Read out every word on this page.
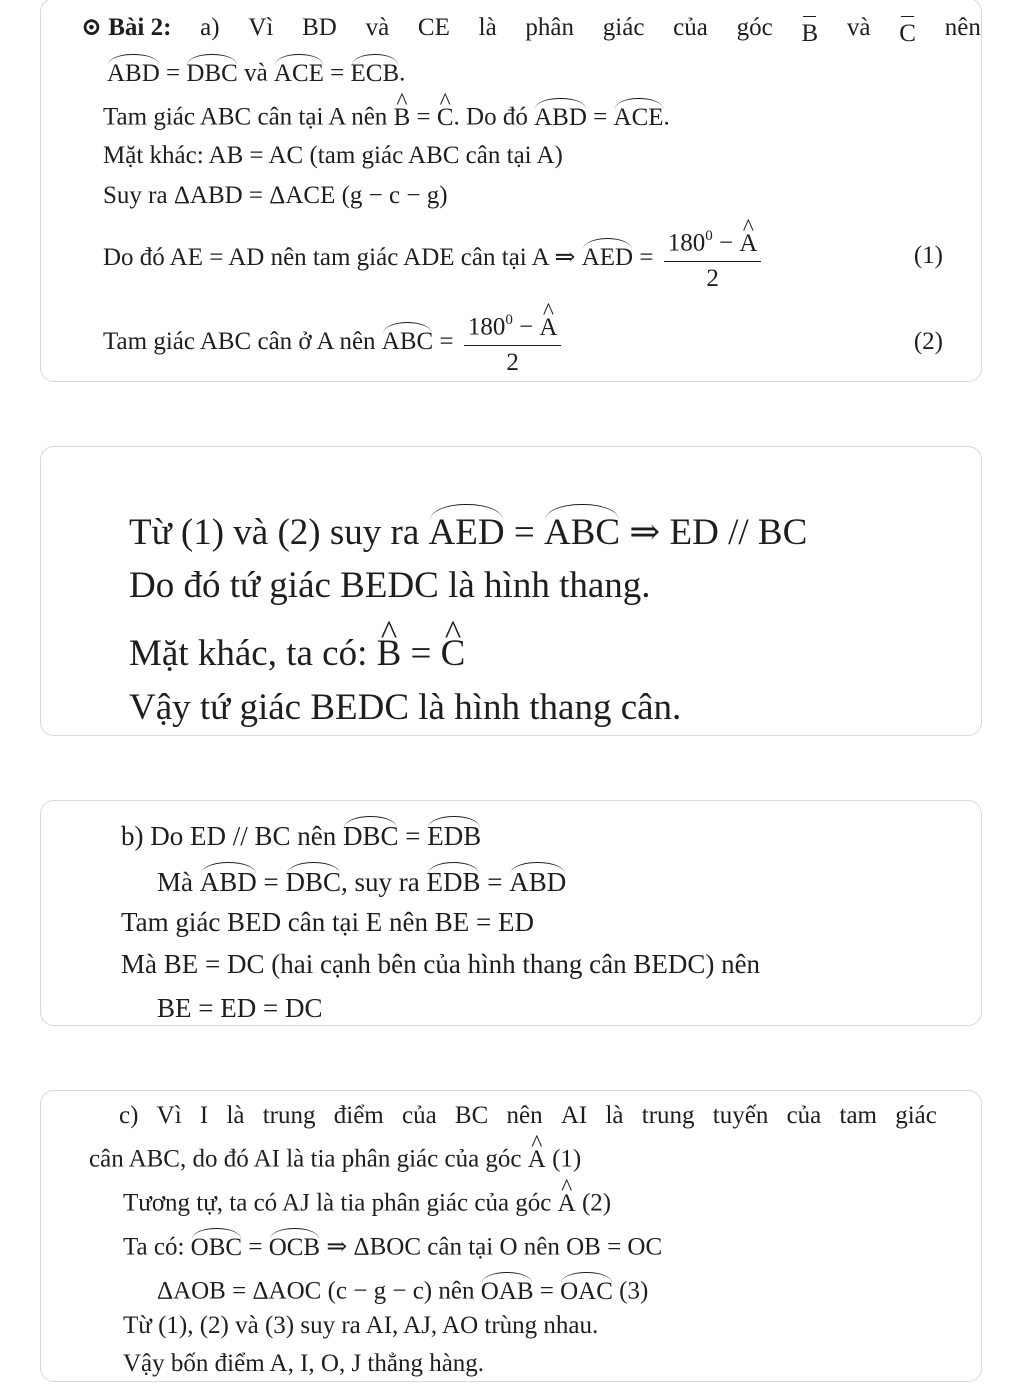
⊙ Bài 2: a) Vì BD và CE là phân giác của góc B và C nên
ABD = DBC và ACE = ECB.
Tam giác ABC cân tại A nên ^ B = ^ C. Do đó ABD = ACE.
Mặt khác: AB = AC (tam giác ABC cân tại A)
Suy ra ΔABD = ΔACE (g − c − g)
Do đó AE = AD nên tam giác ADE cân tại A ⇒ AED = $\frac{180^0 - \^{} A}{2}$	(1)
Tam giác ABC cân ở A nên ABC = $\frac{180^0 - \^{} A}{2}$	(2)
Từ (1) và (2) suy ra AED = ABC ⇒ ED // BC
Do đó tứ giác BEDC là hình thang.
Mặt khác, ta có: ^ B = ^ C
Vậy tứ giác BEDC là hình thang cân.
b) Do ED // BC nên DBC = EDB
Mà ABD = DBC, suy ra EDB = ABD
Tam giác BED cân tại E nên BE = ED
Mà BE = DC (hai cạnh bên của hình thang cân BEDC) nên
BE = ED = DC
c) Vì I là trung điểm của BC nên AI là trung tuyến của tam giác
cân ABC, do đó AI là tia phân giác của góc ^ A (1)
Tương tự, ta có AJ là tia phân giác của góc ^ A (2)
Ta có: OBC = OCB ⇒ ΔBOC cân tại O nên OB = OC
ΔAOB = ΔAOC (c − g − c) nên OAB = OAC (3)
Từ (1), (2) và (3) suy ra AI, AJ, AO trùng nhau.
Vậy bốn điểm A, I, O, J thẳng hàng.
